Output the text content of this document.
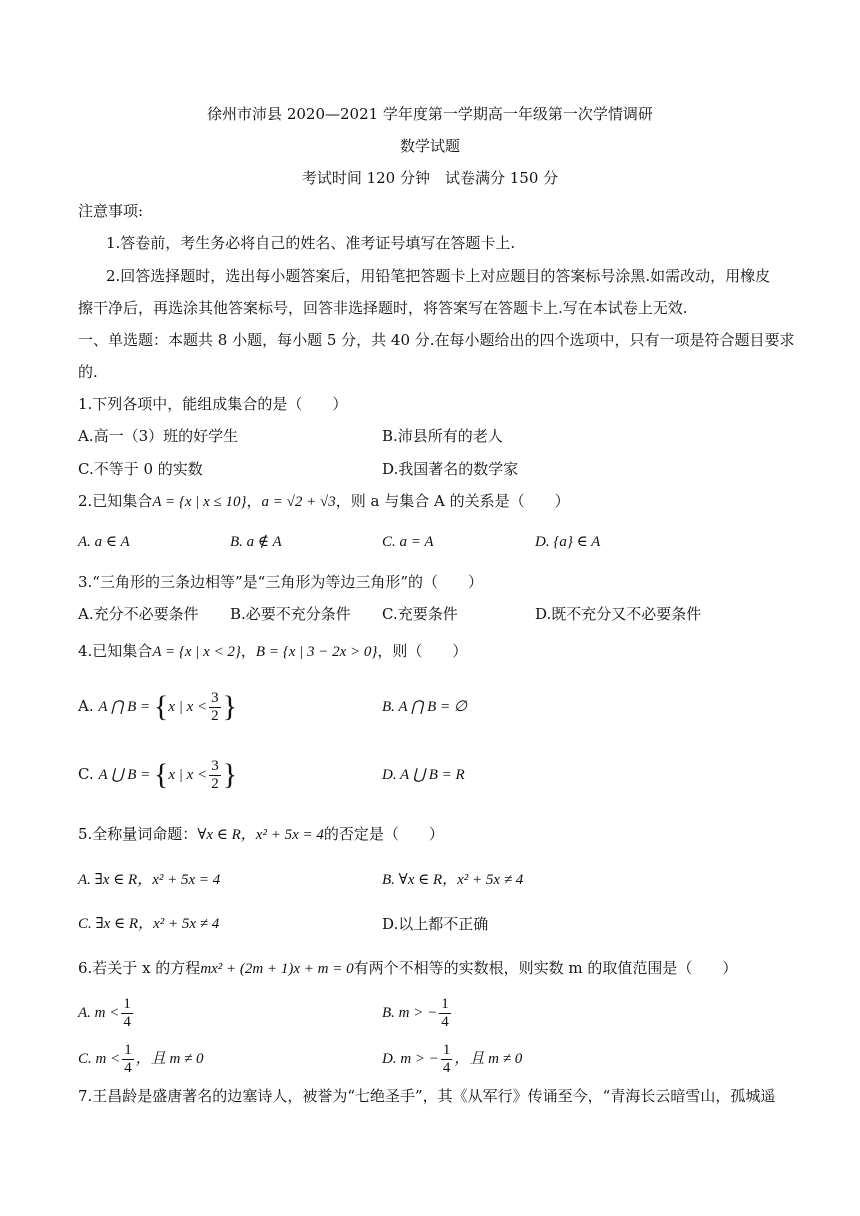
徐州市沛县 2020—2021 学年度第一学期高一年级第一次学情调研
数学试题
考试时间 120 分钟　试卷满分 150 分
注意事项:
1.答卷前，考生务必将自己的姓名、准考证号填写在答题卡上.
2.回答选择题时，选出每小题答案后，用铅笔把答题卡上对应题目的答案标号涂黑.如需改动，用橡皮
擦干净后，再选涂其他答案标号，回答非选择题时，将答案写在答题卡上.写在本试卷上无效.
一、单选题：本题共 8 小题，每小题 5 分，共 40 分.在每小题给出的四个选项中，只有一项是符合题目要求
的.
1.下列各项中，能组成集合的是（　　）
A.高一（3）班的好学生	B.沛县所有的老人
C.不等于 0 的实数	D.我国著名的数学家
2.已知集合A = {x | x ≤ 10}，a = √2 + √3，则 a 与集合 A 的关系是（　　）
A. a ∈ A	B. a ∉ A	C. a = A	D. {a} ∈ A
3.“三角形的三条边相等”是“三角形为等边三角形”的（　　）
A.充分不必要条件 B.必要不充分条件 C.充要条件	D.既不充分又不必要条件
4.已知集合A = {x | x < 2}，B = {x | 3 − 2x > 0}，则（　　）
A. A ⋂ B = {x | $x < \frac{3}{2}$ }	B. A ⋂ B = ∅
C. A ⋃ B = {x | $x < \frac{3}{2}$ }	D. A ⋃ B = R
5.全称量词命题：∀x ∈ R，x² + 5x = 4的否定是（　　）
A. ∃x ∈ R，x² + 5x = 4	B. ∀x ∈ R，x² + 5x ≠ 4
C. ∃x ∈ R，x² + 5x ≠ 4	D.以上都不正确
6.若关于 x 的方程mx² + (2m + 1)x + m = 0有两个不相等的实数根，则实数 m 的取值范围是（　　）
A. $m < \frac{1}{4}$	B. m > − $\frac{1}{4}$
C. $m < \frac{1}{4}$ ，且 m ≠ 0	D. m > − $\frac{1}{4}$ ，且 m ≠ 0
7.王昌龄是盛唐著名的边塞诗人，被誉为“七绝圣手”，其《从军行》传诵至今，“青海长云暗雪山，孤城遥
